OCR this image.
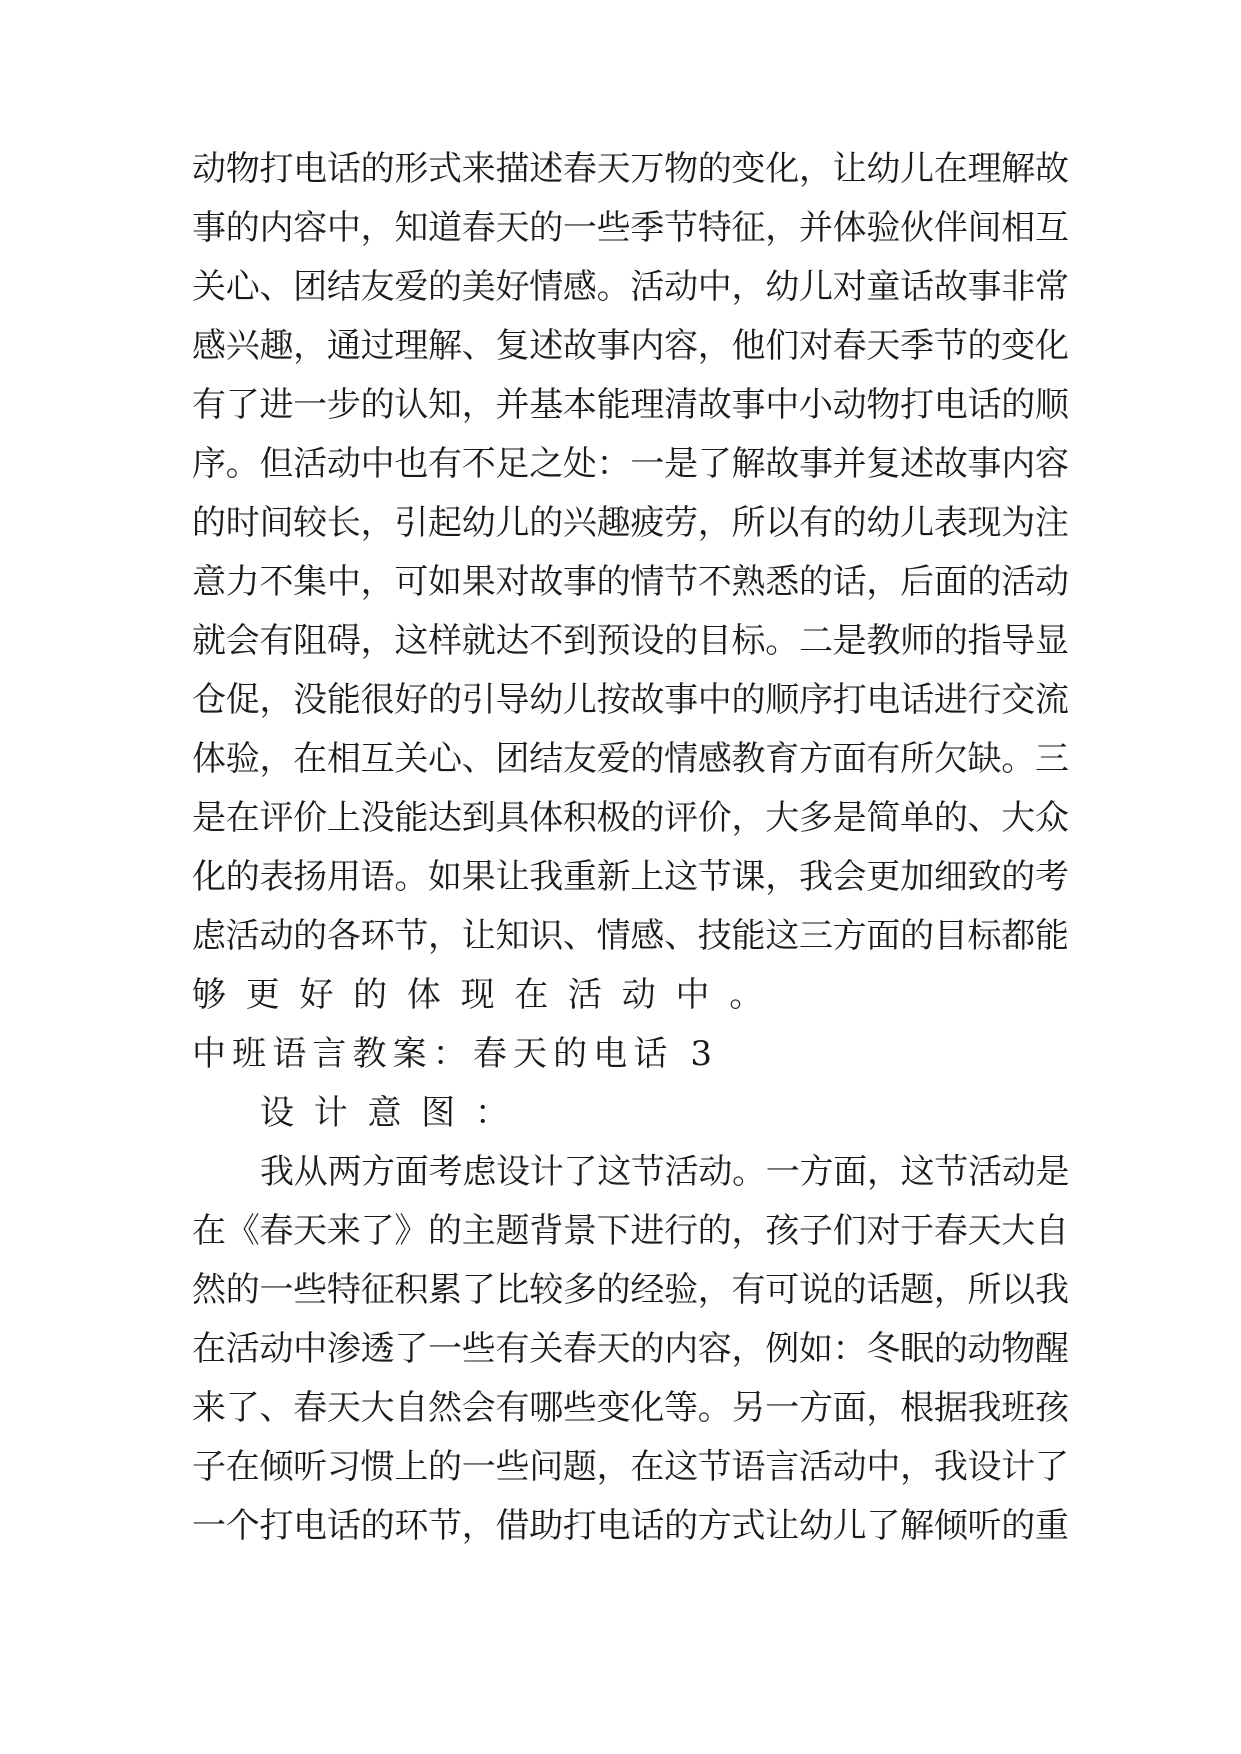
动物打电话的形式来描述春天万物的变化，让幼儿在理解故
事的内容中，知道春天的一些季节特征，并体验伙伴间相互
关心、团结友爱的美好情感。活动中，幼儿对童话故事非常
感兴趣，通过理解、复述故事内容，他们对春天季节的变化
有了进一步的认知，并基本能理清故事中小动物打电话的顺
序。但活动中也有不足之处：一是了解故事并复述故事内容
的时间较长，引起幼儿的兴趣疲劳，所以有的幼儿表现为注
意力不集中，可如果对故事的情节不熟悉的话，后面的活动
就会有阻碍，这样就达不到预设的目标。二是教师的指导显
仓促，没能很好的引导幼儿按故事中的顺序打电话进行交流
体验，在相互关心、团结友爱的情感教育方面有所欠缺。三
是在评价上没能达到具体积极的评价，大多是简单的、大众
化的表扬用语。如果让我重新上这节课，我会更加细致的考
虑活动的各环节，让知识、情感、技能这三方面的目标都能
够更好的体现在活动中。
中班语言教案：春天的电话 3
设计意图：
我从两方面考虑设计了这节活动。一方面，这节活动是
在《春天来了》的主题背景下进行的，孩子们对于春天大自
然的一些特征积累了比较多的经验，有可说的话题，所以我
在活动中渗透了一些有关春天的内容，例如：冬眠的动物醒
来了、春天大自然会有哪些变化等。另一方面，根据我班孩
子在倾听习惯上的一些问题，在这节语言活动中，我设计了
一个打电话的环节，借助打电话的方式让幼儿了解倾听的重
